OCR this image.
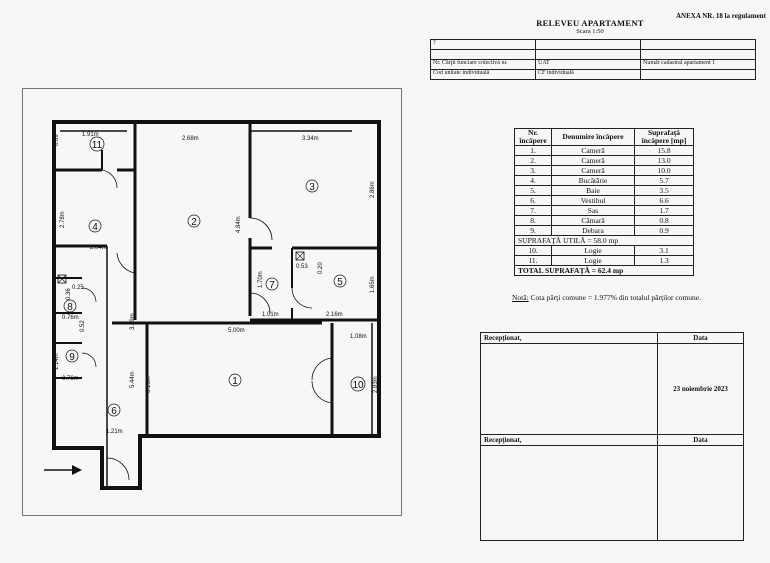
ANEXA NR. 18 la regulament
RELEVEU APARTAMENT
Scara 1:50
?		

Nr. Cărţii funciare colectivă nr.	UAT	Număr cadastral apartament 1
Cod unitate individuală	CF individuală	
1
2
3
4
5
6
7
8
9
10
11
1.91m
0.69	2.68m	3.34m
2.78m
2.04m
4.84m
2.86m
0.25
0.36
0.52
0.76m	3.39m
1.70m
0.53 0.20
1.65m
1.01m	2.16m
5.00m
1.08m
1.14m
0.76m	3.15m
5.44m	2.83m
1.21m
Nr. încăpere	Denumire încăpere	Suprafaţă încăpere [mp]
1.	Cameră	15.8
2.	Cameră	13.0
3.	Cameră	10.0
4.	Bucătărie	5.7
5.	Baie	3.5
6.	Vestibul	6.6
7.	Sas	1.7
8.	Cămară	0.8
9.	Debara	0.9
SUPRAFAŢĂ UTILĂ = 58.0 mp		
10.	Logie	3.1
11.	Logie	1.3
TOTAL SUPRAFAŢĂ = 62.4 mp		
Notă: Cota părţi comune = 1.977% din totalul părţilor comune.
Recepţionat,	Data
	23 noiembrie 2023
Recepţionat,	Data
